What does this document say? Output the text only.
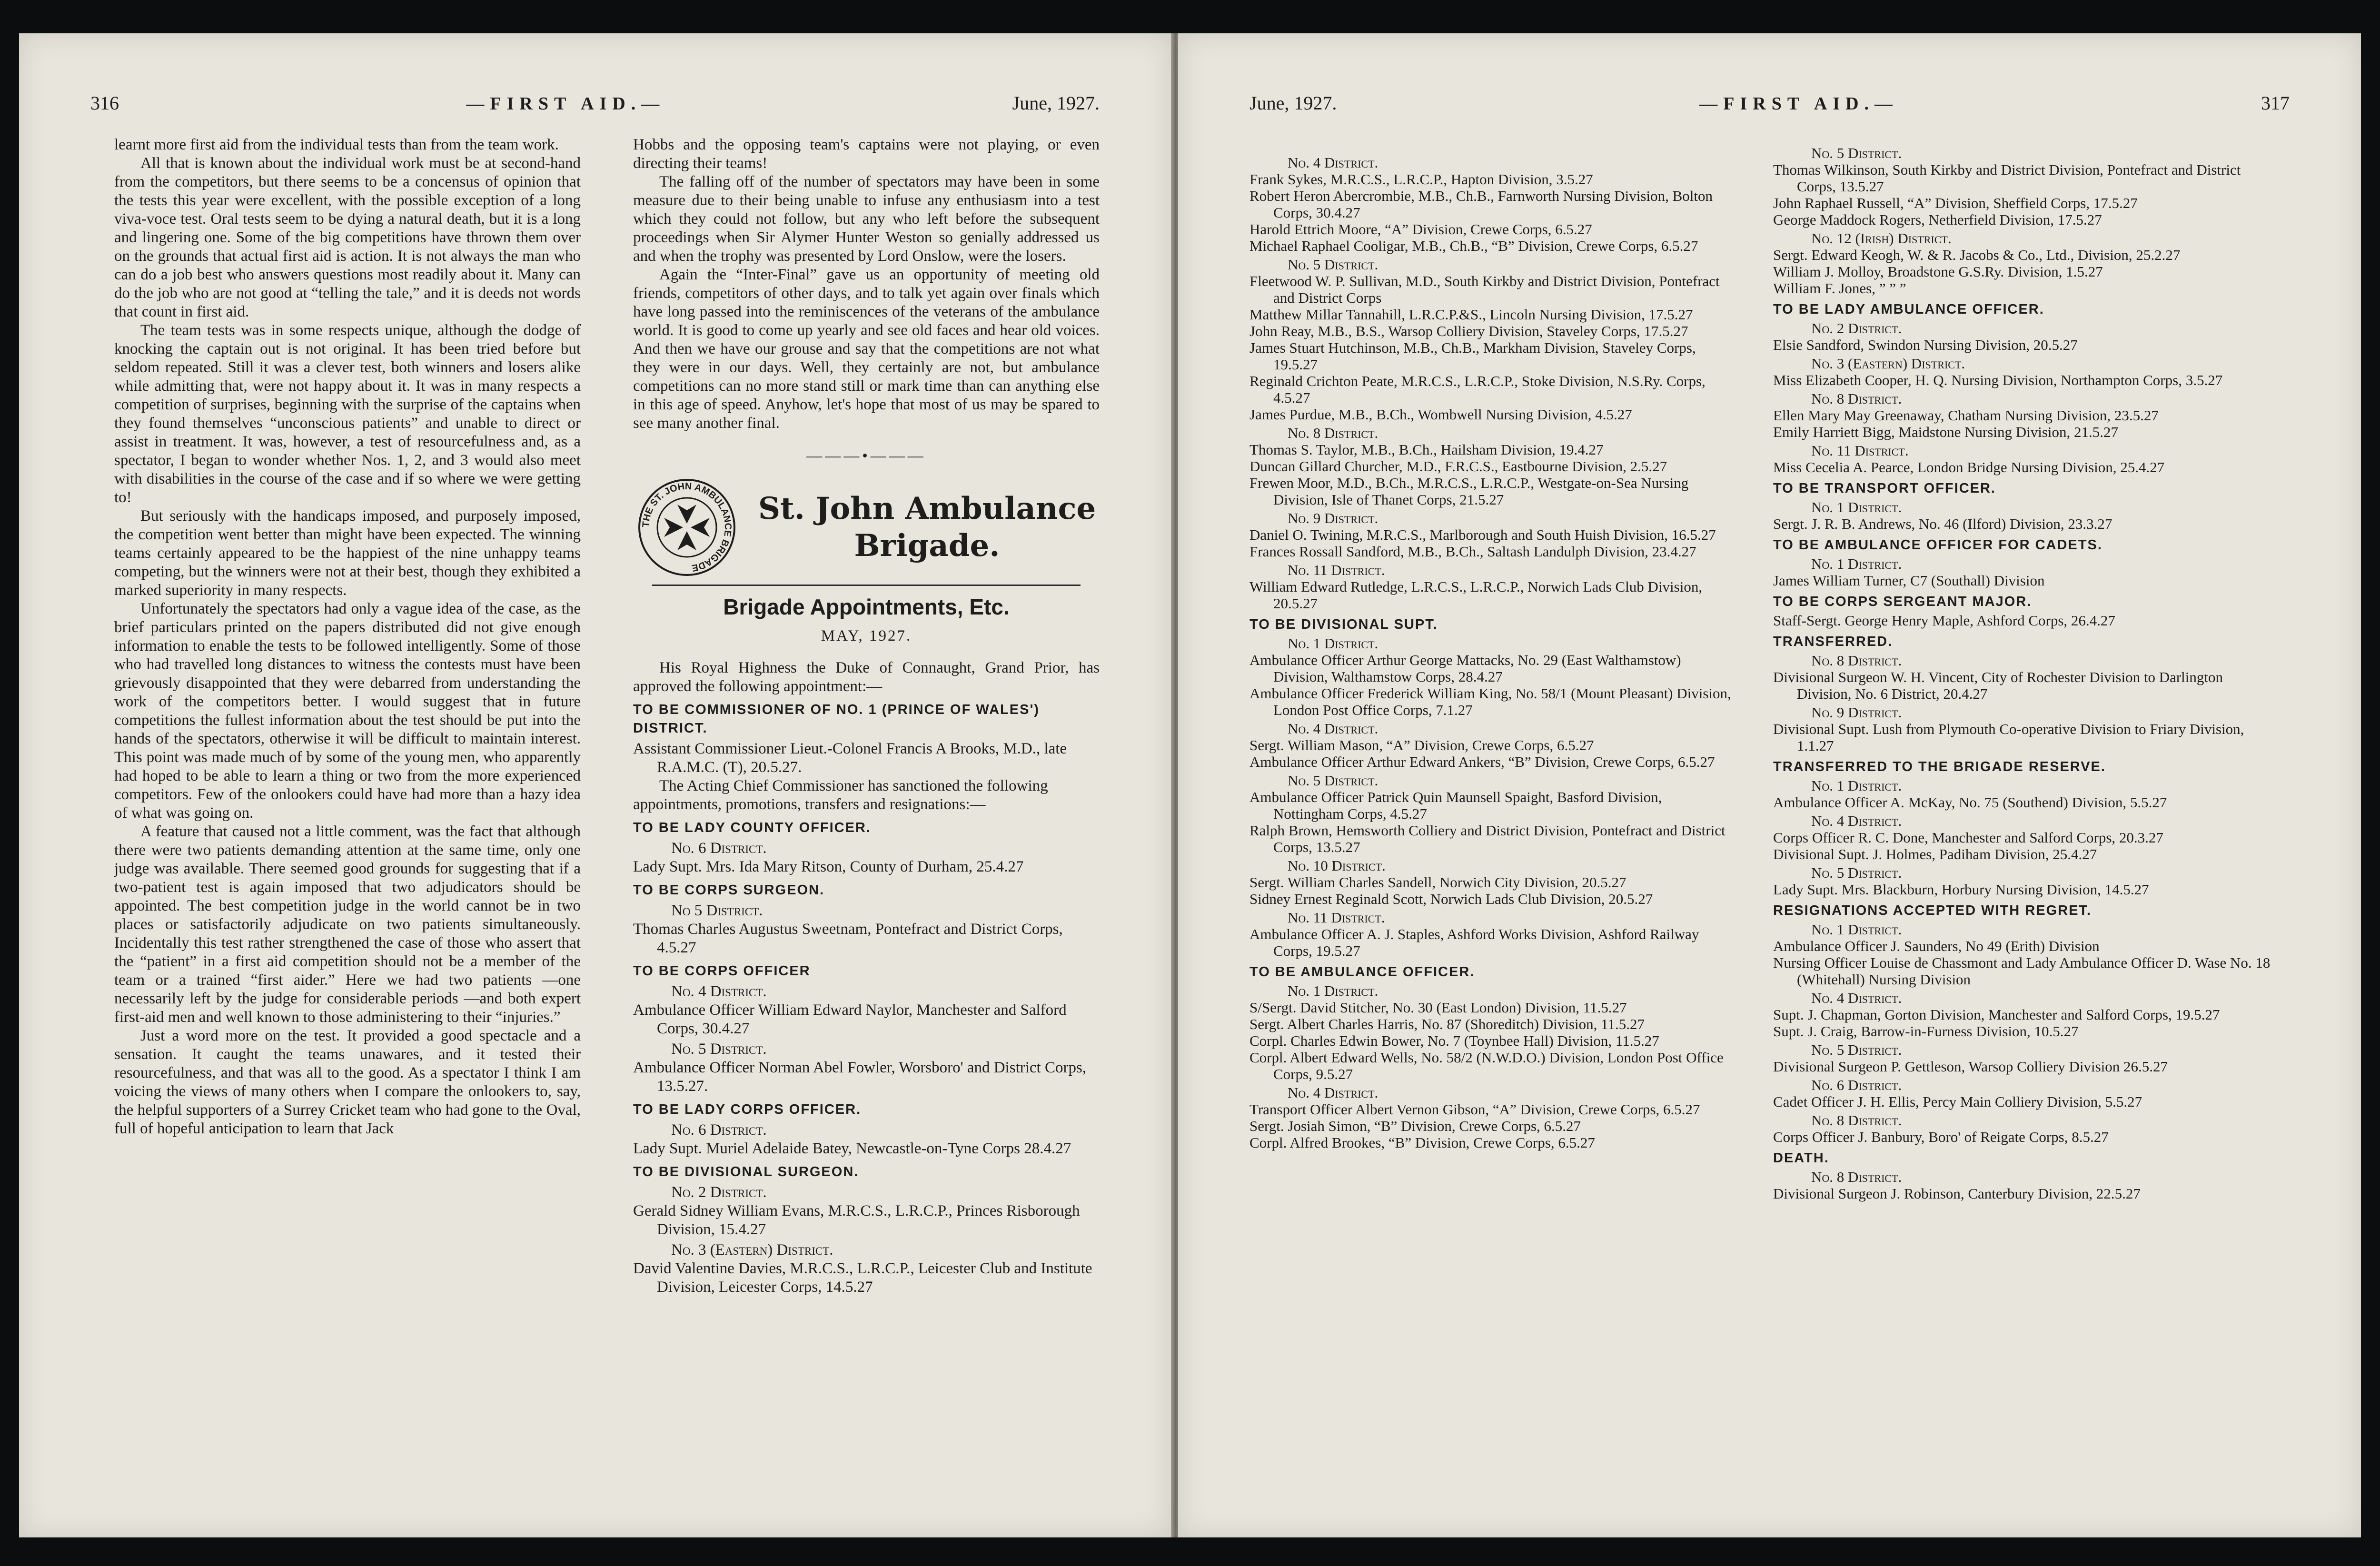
316	—FIRST AID.—	June, 1927.

learnt more first aid from the individual tests than from the team work.

All that is known about the individual work must be at second-hand from the competitors, but there seems to be a concensus of opinion that the tests this year were excellent, with the possible exception of a long viva-voce test. Oral tests seem to be dying a natural death, but it is a long and lingering one. Some of the big competitions have thrown them over on the grounds that actual first aid is action. It is not always the man who can do a job best who answers questions most readily about it. Many can do the job who are not good at “telling the tale,” and it is deeds not words that count in first aid.

The team tests was in some respects unique, although the dodge of knocking the captain out is not original. It has been tried before but seldom repeated. Still it was a clever test, both winners and losers alike while admitting that, were not happy about it. It was in many respects a competition of surprises, beginning with the surprise of the captains when they found themselves “unconscious patients” and unable to direct or assist in treatment. It was, however, a test of resourcefulness and, as a spectator, I began to wonder whether Nos. 1, 2, and 3 would also meet with disabilities in the course of the case and if so where we were getting to!

But seriously with the handicaps imposed, and purposely imposed, the competition went better than might have been expected. The winning teams certainly appeared to be the happiest of the nine unhappy teams competing, but the winners were not at their best, though they exhibited a marked superiority in many respects.

Unfortunately the spectators had only a vague idea of the case, as the brief particulars printed on the papers distributed did not give enough information to enable the tests to be followed intelligently. Some of those who had travelled long distances to witness the contests must have been grievously disappointed that they were debarred from understanding the work of the competitors better. I would suggest that in future competitions the fullest information about the test should be put into the hands of the spectators, otherwise it will be difficult to maintain interest. This point was made much of by some of the young men, who apparently had hoped to be able to learn a thing or two from the more experienced competitors. Few of the onlookers could have had more than a hazy idea of what was going on.

A feature that caused not a little comment, was the fact that although there were two patients demanding attention at the same time, only one judge was available. There seemed good grounds for suggesting that if a two-patient test is again imposed that two adjudicators should be appointed. The best competition judge in the world cannot be in two places or satisfactorily adjudicate on two patients simultaneously. Incidentally this test rather strengthened the case of those who assert that the “patient” in a first aid competition should not be a member of the team or a trained “first aider.” Here we had two patients —one necessarily left by the judge for considerable periods —and both expert first-aid men and well known to those administering to their “injuries.”

Just a word more on the test. It provided a good spectacle and a sensation. It caught the teams unawares, and it tested their resourcefulness, and that was all to the good. As a spectator I think I am voicing the views of many others when I compare the onlookers to, say, the helpful supporters of a Surrey Cricket team who had gone to the Oval, full of hopeful anticipation to learn that Jack

Hobbs and the opposing team's captains were not playing, or even directing their teams!

The falling off of the number of spectators may have been in some measure due to their being unable to infuse any enthusiasm into a test which they could not follow, but any who left before the subsequent proceedings when Sir Alymer Hunter Weston so genially addressed us and when the trophy was presented by Lord Onslow, were the losers.

Again the “Inter-Final” gave us an opportunity of meeting old friends, competitors of other days, and to talk yet again over finals which have long passed into the reminiscences of the veterans of the ambulance world. It is good to come up yearly and see old faces and hear old voices. And then we have our grouse and say that the competitions are not what they were in our days. Well, they certainly are not, but ambulance competitions can no more stand still or mark time than can anything else in this age of speed. Anyhow, let's hope that most of us may be spared to see many another final.

———•———
THE ST. JOHN AMBULANCE BRIGADE
St. John Ambulance
Brigade.
Brigade Appointments, Etc.
MAY, 1927.

His Royal Highness the Duke of Connaught, Grand Prior, has approved the following appointment:—

TO BE COMMISSIONER OF NO. 1 (PRINCE OF WALES') DISTRICT.
Assistant Commissioner Lieut.-Colonel Francis A Brooks, M.D., late R.A.M.C. (T), 20.5.27.
The Acting Chief Commissioner has sanctioned the following appointments, promotions, transfers and resignations:—
TO BE LADY COUNTY OFFICER.
No. 6 District.
Lady Supt. Mrs. Ida Mary Ritson, County of Durham, 25.4.27
TO BE CORPS SURGEON.
No 5 District.
Thomas Charles Augustus Sweetnam, Pontefract and District Corps, 4.5.27
TO BE CORPS OFFICER
No. 4 District.
Ambulance Officer William Edward Naylor, Manchester and Salford Corps, 30.4.27
No. 5 District.
Ambulance Officer Norman Abel Fowler, Worsboro' and District Corps, 13.5.27.
TO BE LADY CORPS OFFICER.
No. 6 District.
Lady Supt. Muriel Adelaide Batey, Newcastle-on-Tyne Corps 28.4.27
TO BE DIVISIONAL SURGEON.
No. 2 District.
Gerald Sidney William Evans, M.R.C.S., L.R.C.P., Princes Risborough Division, 15.4.27
No. 3 (Eastern) District.
David Valentine Davies, M.R.C.S., L.R.C.P., Leicester Club and Institute Division, Leicester Corps, 14.5.27
June, 1927.	—FIRST AID.—	317
No. 4 District.
Frank Sykes, M.R.C.S., L.R.C.P., Hapton Division, 3.5.27
Robert Heron Abercrombie, M.B., Ch.B., Farnworth Nursing Division, Bolton Corps, 30.4.27
Harold Ettrich Moore, “A” Division, Crewe Corps, 6.5.27
Michael Raphael Cooligar, M.B., Ch.B., “B” Division, Crewe Corps, 6.5.27
No. 5 District.
Fleetwood W. P. Sullivan, M.D., South Kirkby and District Division, Pontefract and District Corps
Matthew Millar Tannahill, L.R.C.P.&S., Lincoln Nursing Division, 17.5.27
John Reay, M.B., B.S., Warsop Colliery Division, Staveley Corps, 17.5.27
James Stuart Hutchinson, M.B., Ch.B., Markham Division, Staveley Corps, 19.5.27
Reginald Crichton Peate, M.R.C.S., L.R.C.P., Stoke Division, N.S.Ry. Corps, 4.5.27
James Purdue, M.B., B.Ch., Wombwell Nursing Division, 4.5.27
No. 8 District.
Thomas S. Taylor, M.B., B.Ch., Hailsham Division, 19.4.27
Duncan Gillard Churcher, M.D., F.R.C.S., Eastbourne Division, 2.5.27
Frewen Moor, M.D., B.Ch., M.R.C.S., L.R.C.P., Westgate-on-Sea Nursing Division, Isle of Thanet Corps, 21.5.27
No. 9 District.
Daniel O. Twining, M.R.C.S., Marlborough and South Huish Division, 16.5.27
Frances Rossall Sandford, M.B., B.Ch., Saltash Landulph Division, 23.4.27
No. 11 District.
William Edward Rutledge, L.R.C.S., L.R.C.P., Norwich Lads Club Division, 20.5.27
TO BE DIVISIONAL SUPT.
No. 1 District.
Ambulance Officer Arthur George Mattacks, No. 29 (East Walthamstow) Division, Walthamstow Corps, 28.4.27
Ambulance Officer Frederick William King, No. 58/1 (Mount Pleasant) Division, London Post Office Corps, 7.1.27
No. 4 District.
Sergt. William Mason, “A” Division, Crewe Corps, 6.5.27
Ambulance Officer Arthur Edward Ankers, “B” Division, Crewe Corps, 6.5.27
No. 5 District.
Ambulance Officer Patrick Quin Maunsell Spaight, Basford Division, Nottingham Corps, 4.5.27
Ralph Brown, Hemsworth Colliery and District Division, Pontefract and District Corps, 13.5.27
No. 10 District.
Sergt. William Charles Sandell, Norwich City Division, 20.5.27
Sidney Ernest Reginald Scott, Norwich Lads Club Division, 20.5.27
No. 11 District.
Ambulance Officer A. J. Staples, Ashford Works Division, Ashford Railway Corps, 19.5.27
TO BE AMBULANCE OFFICER.
No. 1 District.
S/Sergt. David Stitcher, No. 30 (East London) Division, 11.5.27
Sergt. Albert Charles Harris, No. 87 (Shoreditch) Division, 11.5.27
Corpl. Charles Edwin Bower, No. 7 (Toynbee Hall) Division, 11.5.27
Corpl. Albert Edward Wells, No. 58/2 (N.W.D.O.) Division, London Post Office Corps, 9.5.27
No. 4 District.
Transport Officer Albert Vernon Gibson, “A” Division, Crewe Corps, 6.5.27
Sergt. Josiah Simon, “B” Division, Crewe Corps, 6.5.27
Corpl. Alfred Brookes, “B” Division, Crewe Corps, 6.5.27
No. 5 District.
Thomas Wilkinson, South Kirkby and District Division, Pontefract and District Corps, 13.5.27
John Raphael Russell, “A” Division, Sheffield Corps, 17.5.27
George Maddock Rogers, Netherfield Division, 17.5.27
No. 12 (Irish) District.
Sergt. Edward Keogh, W. & R. Jacobs & Co., Ltd., Division, 25.2.27
William J. Molloy, Broadstone G.S.Ry. Division, 1.5.27
William F. Jones, ” ” ”
TO BE LADY AMBULANCE OFFICER.
No. 2 District.
Elsie Sandford, Swindon Nursing Division, 20.5.27
No. 3 (Eastern) District.
Miss Elizabeth Cooper, H. Q. Nursing Division, Northampton Corps, 3.5.27
No. 8 District.
Ellen Mary May Greenaway, Chatham Nursing Division, 23.5.27
Emily Harriett Bigg, Maidstone Nursing Division, 21.5.27
No. 11 District.
Miss Cecelia A. Pearce, London Bridge Nursing Division, 25.4.27
TO BE TRANSPORT OFFICER.
No. 1 District.
Sergt. J. R. B. Andrews, No. 46 (Ilford) Division, 23.3.27
TO BE AMBULANCE OFFICER FOR CADETS.
No. 1 District.
James William Turner, C7 (Southall) Division
TO BE CORPS SERGEANT MAJOR.
Staff-Sergt. George Henry Maple, Ashford Corps, 26.4.27
TRANSFERRED.
No. 8 District.
Divisional Surgeon W. H. Vincent, City of Rochester Division to Darlington Division, No. 6 District, 20.4.27
No. 9 District.
Divisional Supt. Lush from Plymouth Co-operative Division to Friary Division, 1.1.27
TRANSFERRED TO THE BRIGADE RESERVE.
No. 1 District.
Ambulance Officer A. McKay, No. 75 (Southend) Division, 5.5.27
No. 4 District.
Corps Officer R. C. Done, Manchester and Salford Corps, 20.3.27
Divisional Supt. J. Holmes, Padiham Division, 25.4.27
No. 5 District.
Lady Supt. Mrs. Blackburn, Horbury Nursing Division, 14.5.27
RESIGNATIONS ACCEPTED WITH REGRET.
No. 1 District.
Ambulance Officer J. Saunders, No 49 (Erith) Division
Nursing Officer Louise de Chassmont and Lady Ambulance Officer D. Wase No. 18 (Whitehall) Nursing Division
No. 4 District.
Supt. J. Chapman, Gorton Division, Manchester and Salford Corps, 19.5.27
Supt. J. Craig, Barrow-in-Furness Division, 10.5.27
No. 5 District.
Divisional Surgeon P. Gettleson, Warsop Colliery Division 26.5.27
No. 6 District.
Cadet Officer J. H. Ellis, Percy Main Colliery Division, 5.5.27
No. 8 District.
Corps Officer J. Banbury, Boro' of Reigate Corps, 8.5.27
DEATH.
No. 8 District.
Divisional Surgeon J. Robinson, Canterbury Division, 22.5.27
